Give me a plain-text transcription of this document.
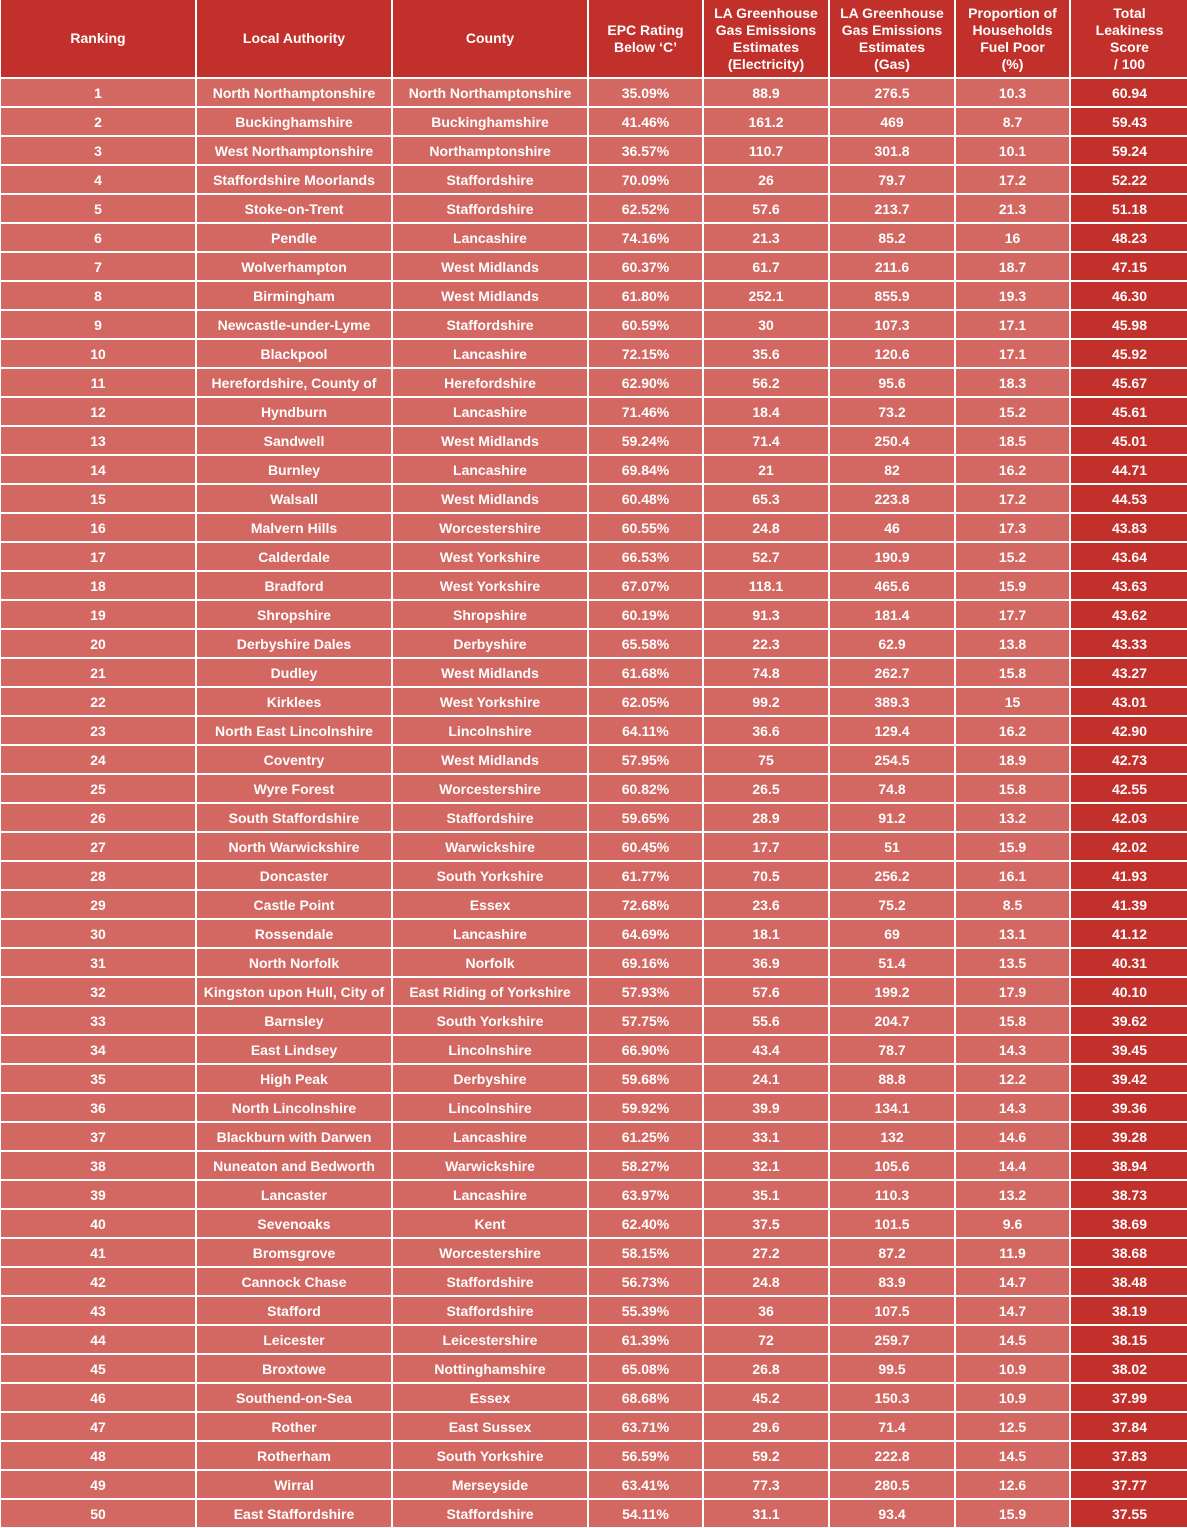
Ranking	Local Authority	County	EPC Rating
Below ‘C’	LA Greenhouse
Gas Emissions
Estimates
(Electricity)	LA Greenhouse
Gas Emissions
Estimates
(Gas)	Proportion of
Households
Fuel Poor
(%)	Total
Leakiness
Score
/ 100

1	North Northamptonshire	North Northamptonshire	35.09%	88.9	276.5	10.3	60.94
2	Buckinghamshire	Buckinghamshire	41.46%	161.2	469	8.7	59.43
3	West Northamptonshire	Northamptonshire	36.57%	110.7	301.8	10.1	59.24
4	Staffordshire Moorlands	Staffordshire	70.09%	26	79.7	17.2	52.22
5	Stoke-on-Trent	Staffordshire	62.52%	57.6	213.7	21.3	51.18
6	Pendle	Lancashire	74.16%	21.3	85.2	16	48.23
7	Wolverhampton	West Midlands	60.37%	61.7	211.6	18.7	47.15
8	Birmingham	West Midlands	61.80%	252.1	855.9	19.3	46.30
9	Newcastle-under-Lyme	Staffordshire	60.59%	30	107.3	17.1	45.98
10	Blackpool	Lancashire	72.15%	35.6	120.6	17.1	45.92
11	Herefordshire, County of	Herefordshire	62.90%	56.2	95.6	18.3	45.67
12	Hyndburn	Lancashire	71.46%	18.4	73.2	15.2	45.61
13	Sandwell	West Midlands	59.24%	71.4	250.4	18.5	45.01
14	Burnley	Lancashire	69.84%	21	82	16.2	44.71
15	Walsall	West Midlands	60.48%	65.3	223.8	17.2	44.53
16	Malvern Hills	Worcestershire	60.55%	24.8	46	17.3	43.83
17	Calderdale	West Yorkshire	66.53%	52.7	190.9	15.2	43.64
18	Bradford	West Yorkshire	67.07%	118.1	465.6	15.9	43.63
19	Shropshire	Shropshire	60.19%	91.3	181.4	17.7	43.62
20	Derbyshire Dales	Derbyshire	65.58%	22.3	62.9	13.8	43.33
21	Dudley	West Midlands	61.68%	74.8	262.7	15.8	43.27
22	Kirklees	West Yorkshire	62.05%	99.2	389.3	15	43.01
23	North East Lincolnshire	Lincolnshire	64.11%	36.6	129.4	16.2	42.90
24	Coventry	West Midlands	57.95%	75	254.5	18.9	42.73
25	Wyre Forest	Worcestershire	60.82%	26.5	74.8	15.8	42.55
26	South Staffordshire	Staffordshire	59.65%	28.9	91.2	13.2	42.03
27	North Warwickshire	Warwickshire	60.45%	17.7	51	15.9	42.02
28	Doncaster	South Yorkshire	61.77%	70.5	256.2	16.1	41.93
29	Castle Point	Essex	72.68%	23.6	75.2	8.5	41.39
30	Rossendale	Lancashire	64.69%	18.1	69	13.1	41.12
31	North Norfolk	Norfolk	69.16%	36.9	51.4	13.5	40.31
32	Kingston upon Hull, City of	East Riding of Yorkshire	57.93%	57.6	199.2	17.9	40.10
33	Barnsley	South Yorkshire	57.75%	55.6	204.7	15.8	39.62
34	East Lindsey	Lincolnshire	66.90%	43.4	78.7	14.3	39.45
35	High Peak	Derbyshire	59.68%	24.1	88.8	12.2	39.42
36	North Lincolnshire	Lincolnshire	59.92%	39.9	134.1	14.3	39.36
37	Blackburn with Darwen	Lancashire	61.25%	33.1	132	14.6	39.28
38	Nuneaton and Bedworth	Warwickshire	58.27%	32.1	105.6	14.4	38.94
39	Lancaster	Lancashire	63.97%	35.1	110.3	13.2	38.73
40	Sevenoaks	Kent	62.40%	37.5	101.5	9.6	38.69
41	Bromsgrove	Worcestershire	58.15%	27.2	87.2	11.9	38.68
42	Cannock Chase	Staffordshire	56.73%	24.8	83.9	14.7	38.48
43	Stafford	Staffordshire	55.39%	36	107.5	14.7	38.19
44	Leicester	Leicestershire	61.39%	72	259.7	14.5	38.15
45	Broxtowe	Nottinghamshire	65.08%	26.8	99.5	10.9	38.02
46	Southend-on-Sea	Essex	68.68%	45.2	150.3	10.9	37.99
47	Rother	East Sussex	63.71%	29.6	71.4	12.5	37.84
48	Rotherham	South Yorkshire	56.59%	59.2	222.8	14.5	37.83
49	Wirral	Merseyside	63.41%	77.3	280.5	12.6	37.77
50	East Staffordshire	Staffordshire	54.11%	31.1	93.4	15.9	37.55
